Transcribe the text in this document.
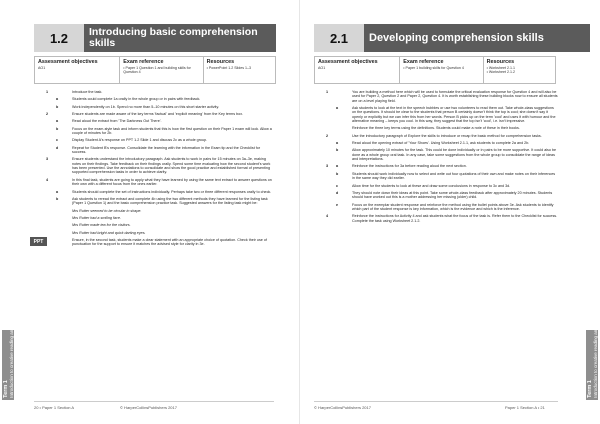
1.2	Introducing basic comprehension skills
Assessment objectives
AO1
Exam reference
• Paper 1 Question 1 and building skills for Question 4
Resources
• PowerPoint 1.2 Slides 1–3
1	Introduce the task.
a	Students could complete 1a orally in the whole group or in pairs with feedback.
b	Work independently on 1b. Spend no more than 5–10 minutes on this short starter activity.
2	Ensure students are made aware of the key terms 'factual' and 'explicit meaning' from the Key terms box.
a	Read aloud the extract from 'The Darkness Out There'.
b	Focus on the exam-style task and inform students that this is how the first question on their Paper 1 exam will look. Allow a couple of minutes for 2b.
c	Display Student A's response on PPT 1.2 Slide 1 and discuss 2c as a whole group.
d	Repeat for Student B's response. Consolidate the learning with the information in the Exam tip and the Checklist for success.
3	Ensure students understand the introductory paragraph. Ask students to work in pairs for 15 minutes on 3a–3e, making notes on their findings. Take feedback on their findings orally. Spend some time evaluating how the second student's work has been presented. Use the annotations to consolidate and show the good practice and established format of presenting supported comprehension tasks in order to achieve clarity.
4	In this final task, students are going to apply what they have learned by using the same text extract to answer questions on their own with a different focus from the ones earlier.
a	Students should complete the set of instructions individually. Perhaps take two or three different responses orally to check.
b	Ask students to reread the extract and complete 4b using the two different methods they have learned for the listing task (Paper 1 Question 1) and the basic comprehension practice task. Suggested answers for the listing task might be:
Mrs Rutter seemed to be circular in shape.
Mrs Rutter had a smiling face.
Mrs Rutter made tea for the visitors.
Mrs Rutter had bright and quick darting eyes.
Ensure, in the second task, students make a clear statement with an appropriate choice of quotation. Check their use of punctuation for the support to ensure it matches the advised style for clarity in 3e.
PPT
Term 1
Introduction to creative reading and writing
20 • Paper 1 Section A	© HarperCollinsPublishers 2017
2.1	Developing comprehension skills
Assessment objectives
AO1
Exam reference
• Paper 1 building skills for Question 4
Resources
• Worksheet 2.1.1
• Worksheet 2.1.2
1	You are building a method here which will be used to formulate the critical evaluation response for Question 4 and will also be used for Paper 2, Question 2 and Paper 2, Question 4. It is worth establishing these building blocks now to ensure all students are on a level playing field.
a	Ask students to look at the text in the speech bubbles or use two volunteers to read them out. Take whole-class suggestions on the questions. It should be clear to the students that person B certainly doesn't think the top is cool; she doesn't say it openly or explicitly but we can infer this from her words. Person B picks up on the term 'cool' and uses it with humour and the alternative meaning – keeps you cool. In this way, they suggest that the top isn't 'cool', i.e. isn't impressive.
Reinforce the three key terms using the definitions. Students could make a note of these in their books.
2	Use the introductory paragraph of Explore the skills to introduce or recap the basic method for comprehension tasks.
a	Read aloud the opening extract of 'Your Shoes'. Using Worksheet 2.1.1, ask students to complete 2a and 2b.
b	Allow approximately 10 minutes for the task. This could be done individually or in pairs to be more supportive. It could also be done as a whole group oral task. In any case, take some suggestions from the whole group to consolidate the range of ideas and interpretations.
3	a	Reinforce the instructions for 3a before reading aloud the next section.
b	Students should work individually now to select and write out four quotations of their own and make notes on their inferences in the same way they did earlier.
c	Allow time for the students to look at these and draw some conclusions in response to 3c and 3d.
d	They should note down their ideas at this point. Take some whole-class feedback after approximately 20 minutes. Students should have worked out this is a mother addressing her missing (older) child.
e	Focus on the exemplar student response and reinforce the method using the bullet points above 3e. Ask students to identify which part of the student response is key information, which is the evidence and which is the inference.
4	Reinforce the instructions for Activity 4 and ask students what the focus of the task is. Refer them to the Checklist for success. Complete the task using Worksheet 2.1.2.
Term 1
Introduction to creative reading and writing
© HarperCollinsPublishers 2017	Paper 1 Section A • 21
